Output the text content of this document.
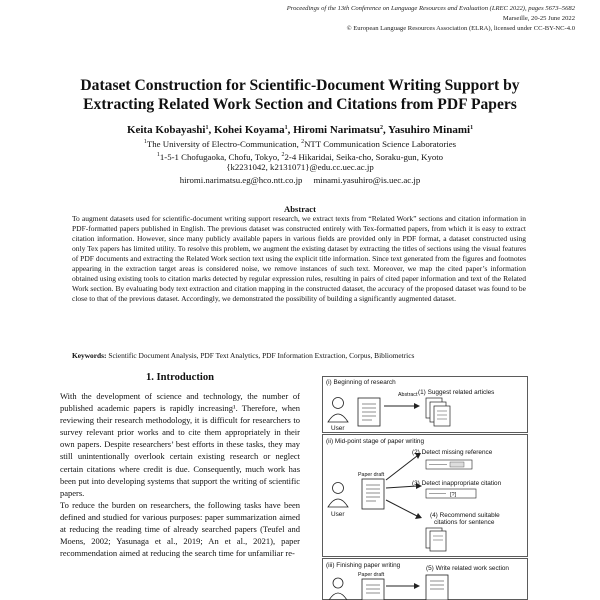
Proceedings of the 13th Conference on Language Resources and Evaluation (LREC 2022), pages 5673–5682
Marseille, 20-25 June 2022
© European Language Resources Association (ELRA), licensed under CC-BY-NC-4.0
Dataset Construction for Scientific-Document Writing Support by
Extracting Related Work Section and Citations from PDF Papers
Keita Kobayashi$^1$, Kohei Koyama$^1$, Hiromi Narimatsu$^2$, Yasuhiro Minami$^1$
$^1$The University of Electro-Communication, $^2$NTT Communication Science Laboratories
$^1$1-5-1 Chofugaoka, Chofu, Tokyo, $^2$2-4 Hikaridai, Seika-cho, Soraku-gun, Kyoto
{k2231042, k2131071}@edu.cc.uec.ac.jp
hiromi.narimatsu.eg@hco.ntt.co.jp minami.yasuhiro@is.uec.ac.jp
Abstract
To augment datasets used for scientific-document writing support research, we extract texts from “Related Work” sections and citation information in PDF-formatted papers published in English. The previous dataset was constructed entirely with Tex-formatted papers, from which it is easy to extract citation information. However, since many publicly available papers in various fields are provided only in PDF format, a dataset constructed using only Tex papers has limited utility. To resolve this problem, we augment the existing dataset by extracting the titles of sections using the visual features of PDF documents and extracting the Related Work section text using the explicit title information. Since text generated from the figures and footnotes appearing in the extraction target areas is considered noise, we remove instances of such text. Moreover, we map the cited paper’s information obtained using existing tools to citation marks detected by regular expression rules, resulting in pairs of cited paper information and text of the Related Work section. By evaluating body text extraction and citation mapping in the constructed dataset, the accuracy of the proposed dataset was found to be close to that of the previous dataset. Accordingly, we demonstrated the possibility of building a significantly augmented dataset.
Keywords: Scientific Document Analysis, PDF Text Analytics, PDF Information Extraction, Corpus, Bibliometrics
1. Introduction

With the development of science and technology, the number of published academic papers is rapidly increasing¹. Therefore, when reviewing their research methodology, it is difficult for researchers to survey relevant prior works and to cite them appropriately in their own papers. Despite researchers’ best efforts in these tasks, they may still unintentionally overlook certain existing research or neglect certain citations where credit is due. Consequently, much work has been put into developing systems that support the writing of scientific papers.

To reduce the burden on researchers, the following tasks have been defined and studied for various purposes: paper summarization aimed at reducing the reading time of already searched papers (Teufel and Moens, 2002; Yasunaga et al., 2019; An et al., 2021), paper recommendation aimed at reducing the search time for unfamiliar re-

(i) Beginning of research
Abstract
User
(1) Suggest related articles
(ii) Mid-point stage of paper writing
Paper draft
User
(2) Detect missing reference
(3) Detect inappropriate citation
[?]
(4) Recommend suitable
citations for sentence
(iii) Finishing paper writing
Paper draft
(5) Write related work section
